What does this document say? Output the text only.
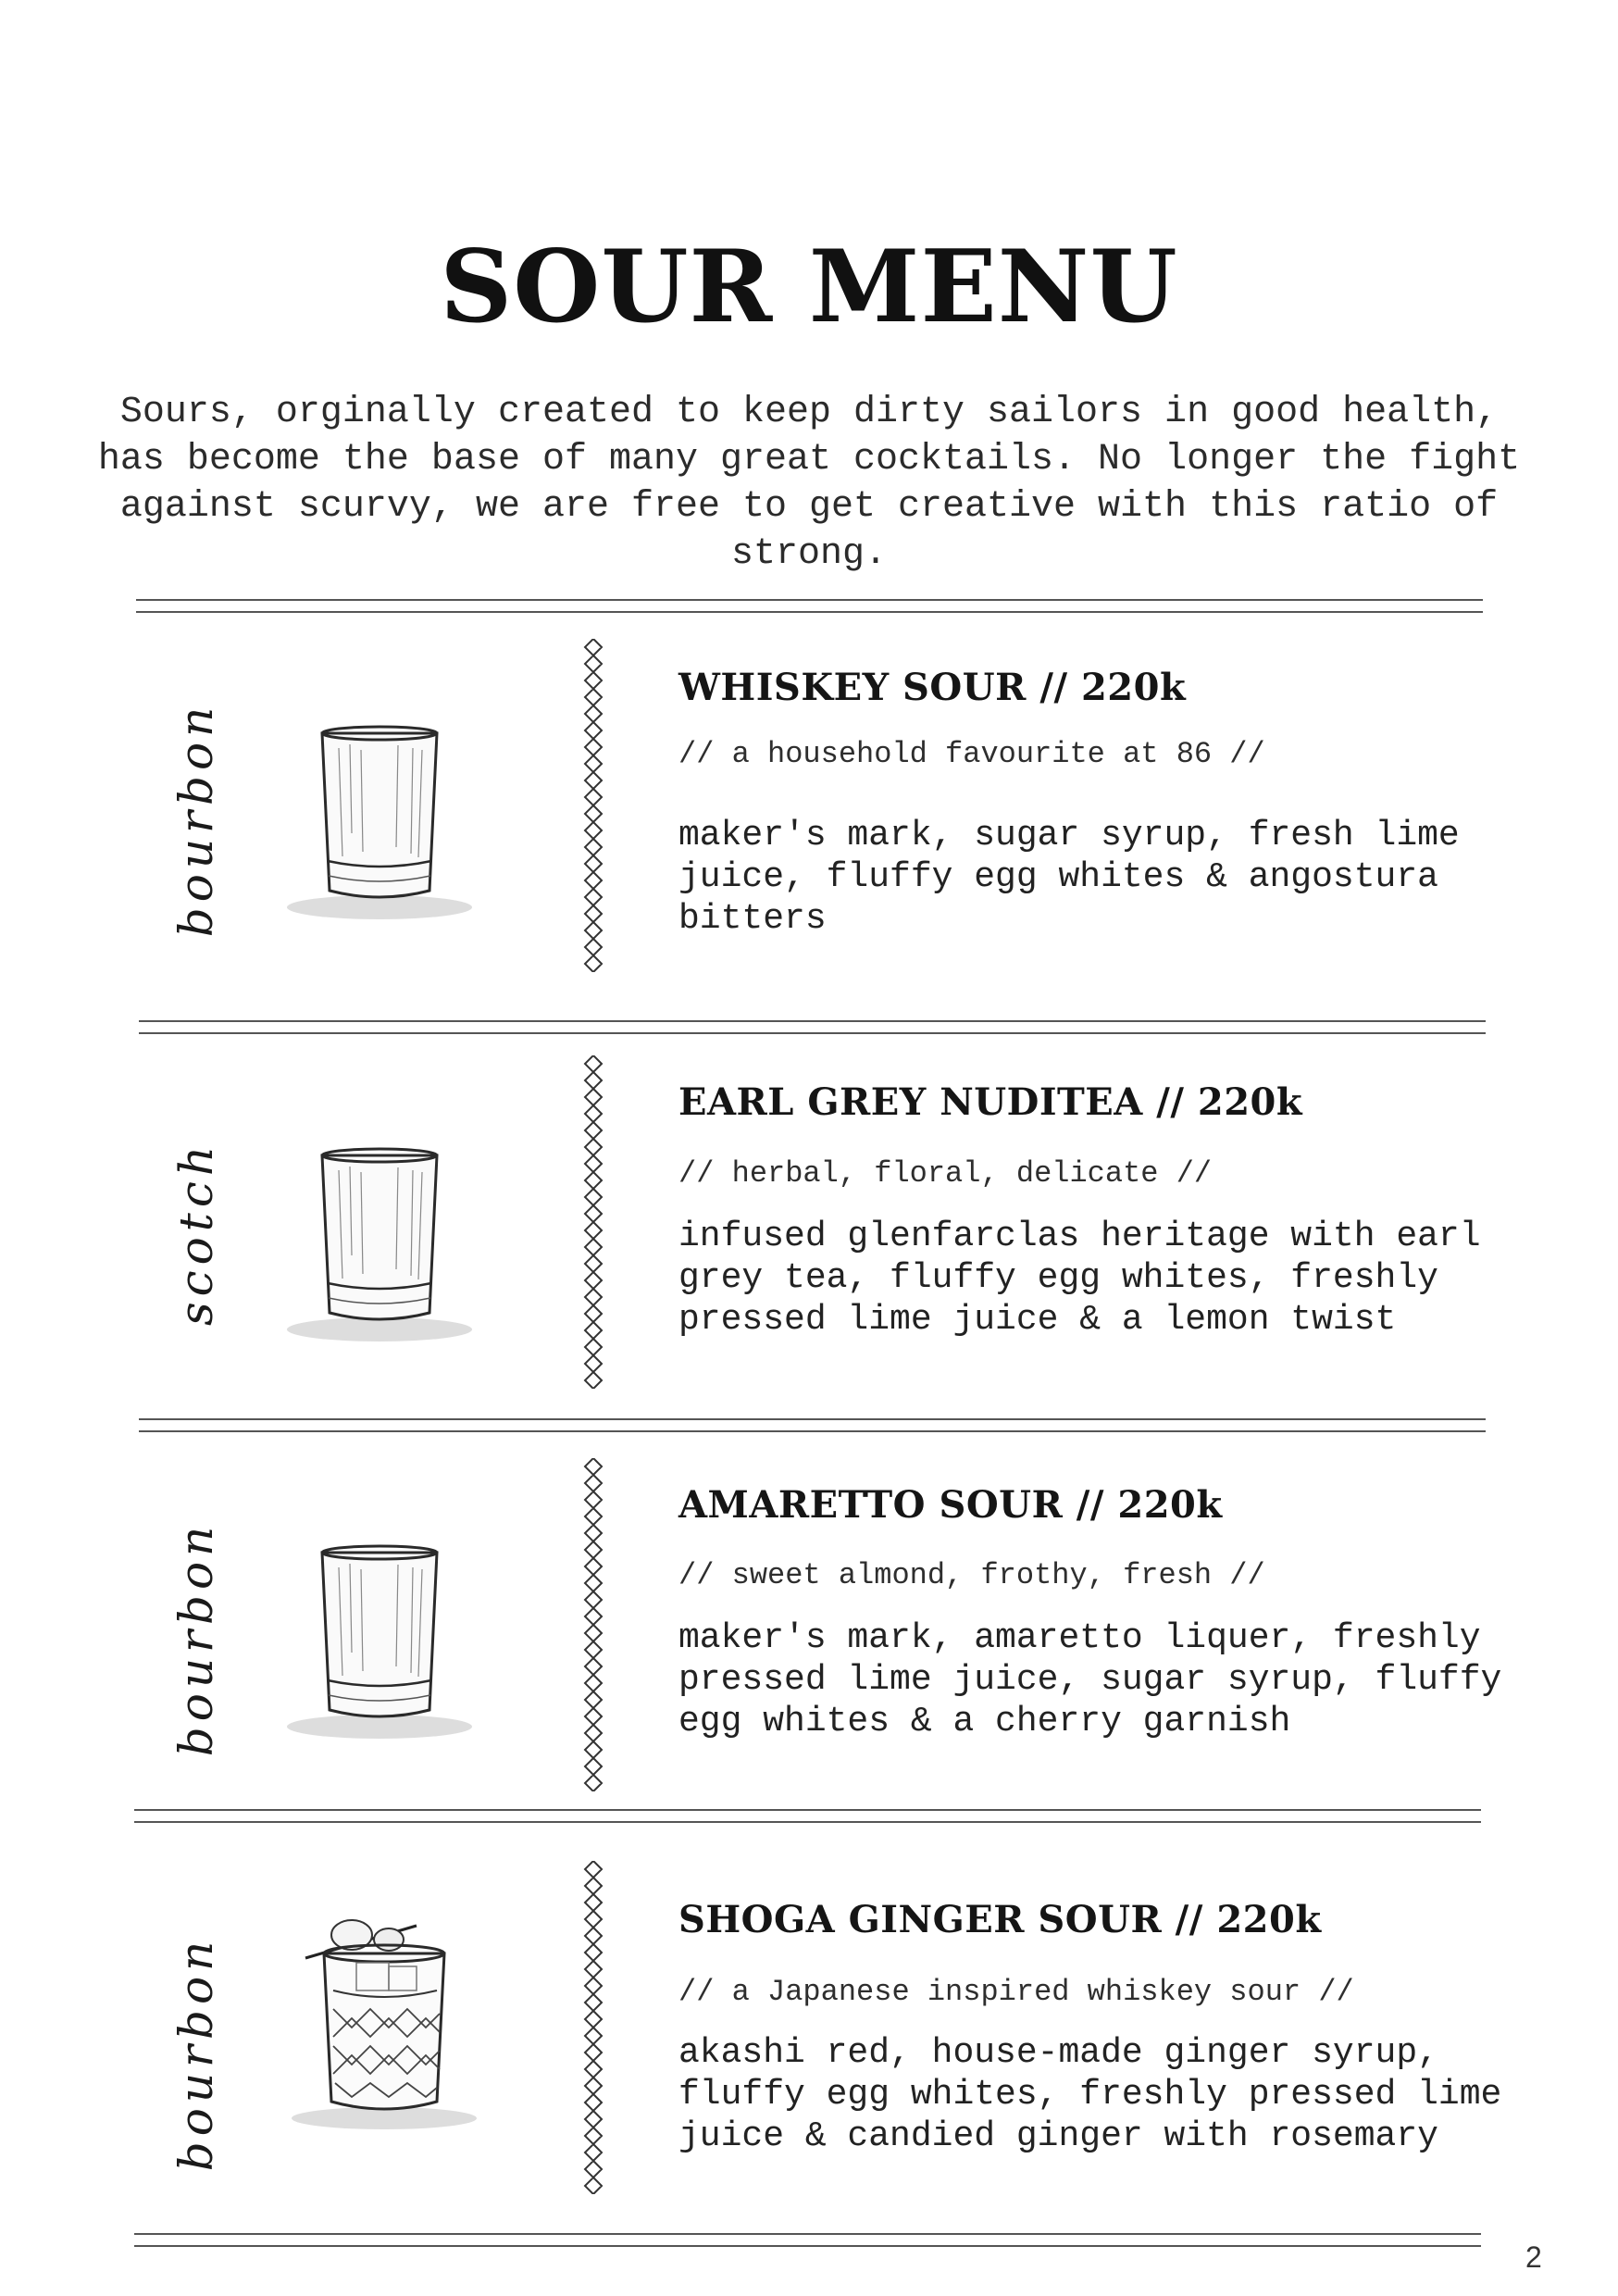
SOUR MENU
Sours, orginally created to keep dirty sailors in good health, has become the base of many great cocktails. No longer the fight against scurvy, we are free to get creative with this ratio of strong.
bourbon
WHISKEY SOUR // 220k
// a household favourite at 86 //
maker's mark, sugar syrup, fresh lime juice, fluffy egg whites & angostura bitters
scotch
EARL GREY NUDITEA // 220k
// herbal, floral, delicate //
infused glenfarclas heritage with earl grey tea, fluffy egg whites, freshly pressed lime juice & a lemon twist
bourbon
AMARETTO SOUR // 220k
// sweet almond, frothy, fresh //
maker's mark, amaretto liquer, freshly pressed lime juice, sugar syrup, fluffy egg whites & a cherry garnish
bourbon
SHOGA GINGER SOUR // 220k
// a Japanese inspired whiskey sour //
akashi red, house-made ginger syrup, fluffy egg whites, freshly pressed lime juice & candied ginger with rosemary
2
